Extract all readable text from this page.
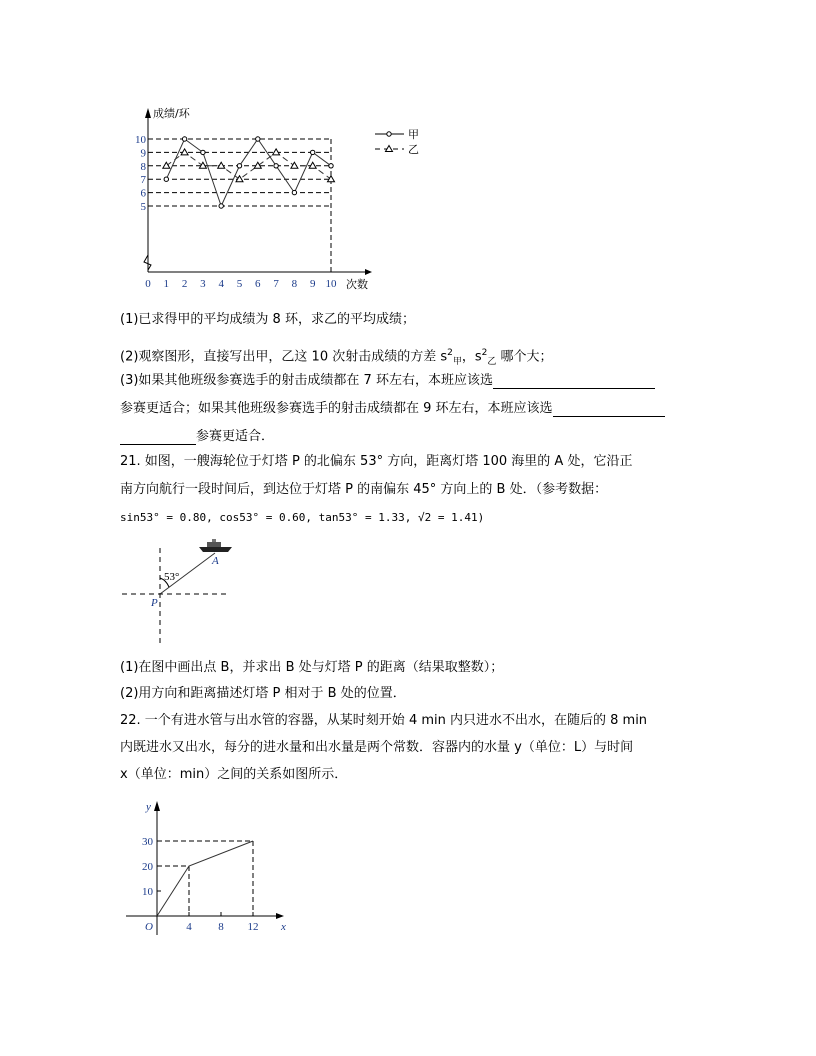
成绩/环
次数
5
6
7
8
9
10
0 1 2 3 4 5 6 7 8 9 10
甲
乙
(1)已求得甲的平均成绩为 8 环，求乙的平均成绩；
(2)观察图形，直接写出甲，乙这 10 次射击成绩的方差 $s^2_甲$，$s^2_乙$ 哪个大；
(3)如果其他班级参赛选手的射击成绩都在 7 环左右，本班应该选
参赛更适合；如果其他班级参赛选手的射击成绩都在 9 环左右，本班应该选
参赛更适合．
21. 如图，一艘海轮位于灯塔 P 的北偏东 53° 方向，距离灯塔 100 海里的 A 处，它沿正
南方向航行一段时间后，到达位于灯塔 P 的南偏东 45° 方向上的 B 处．（参考数据：
sin53° = 0.80, cos53° = 0.60, tan53° = 1.33, √2 = 1.41)
53°
P
A
(1)在图中画出点 B，并求出 B 处与灯塔 P 的距离（结果取整数）；
(2)用方向和距离描述灯塔 P 相对于 B 处的位置．
22. 一个有进水管与出水管的容器，从某时刻开始 4 min 内只进水不出水，在随后的 8 min
内既进水又出水，每分的进水量和出水量是两个常数．容器内的水量 y（单位：L）与时间
x（单位：min）之间的关系如图所示．
y
x
O
10
20
30
4 8 12
